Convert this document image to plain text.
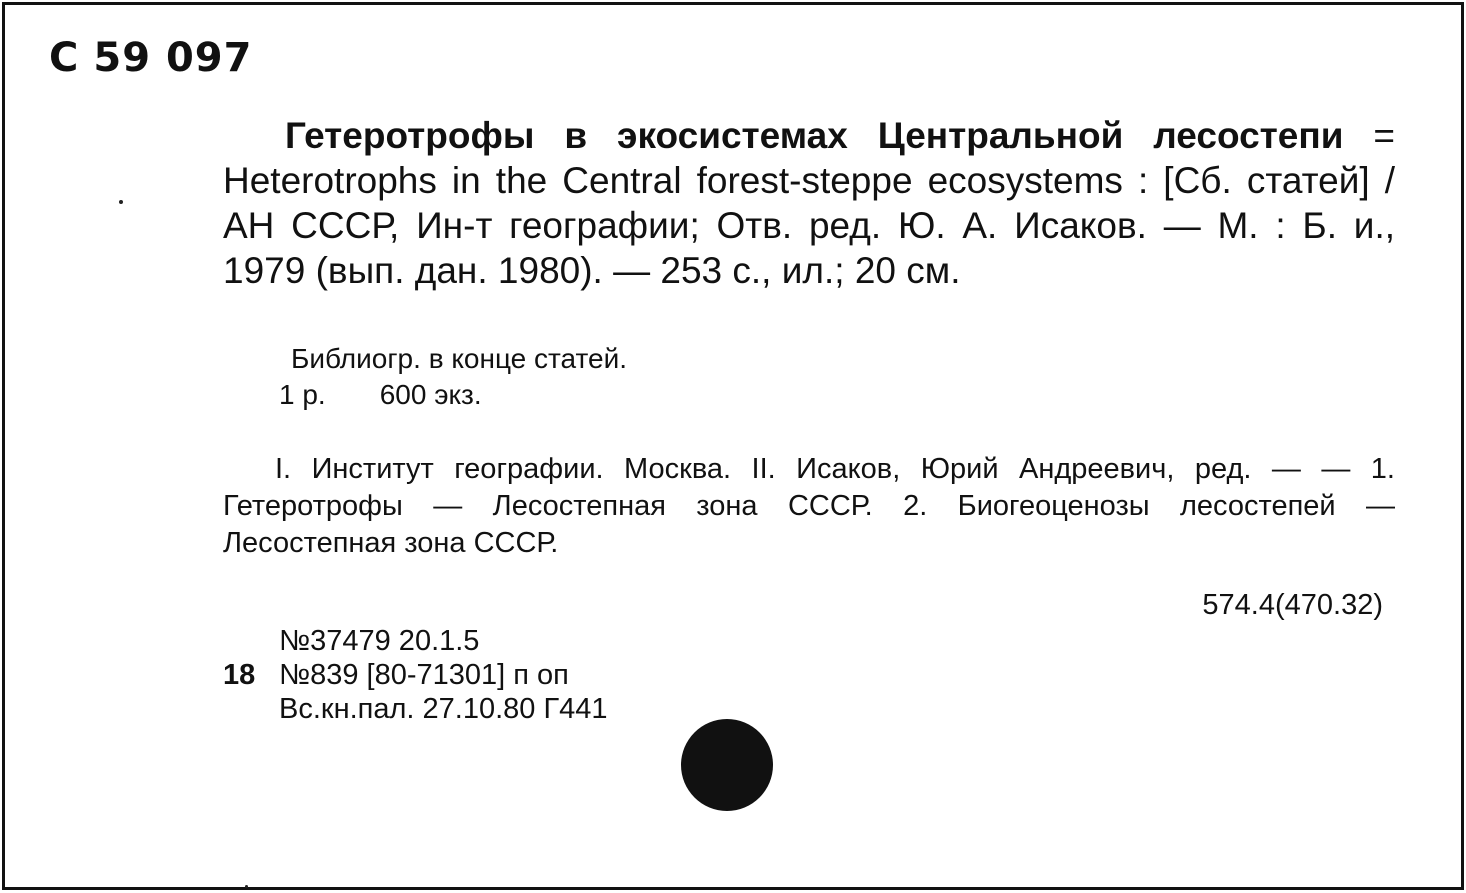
С 59 097
Гетеротрофы в экосистемах Центральной лесостепи = Heterotrophs in the Central forest-steppe ecosystems : [Сб. статей] / АН СССР, Ин-т географии; Отв. ред. Ю. А. Исаков. — М. : Б. и., 1979 (вып. дан. 1980). — 253 с., ил.; 20 см.
Библиогр. в конце статей.
1 р. 600 экз.

I. Институт географии. Москва. II. Исаков, Юрий Андреевич, ред. — — 1. Гетеротрофы — Лесостепная зона СССР. 2. Биогеоценозы лесостепей — Лесостепная зона СССР.

574.4(470.32)
№37479 20.1.5
18 №839 [80-71301] п оп
Вс.кн.пал. 27.10.80 Г441
